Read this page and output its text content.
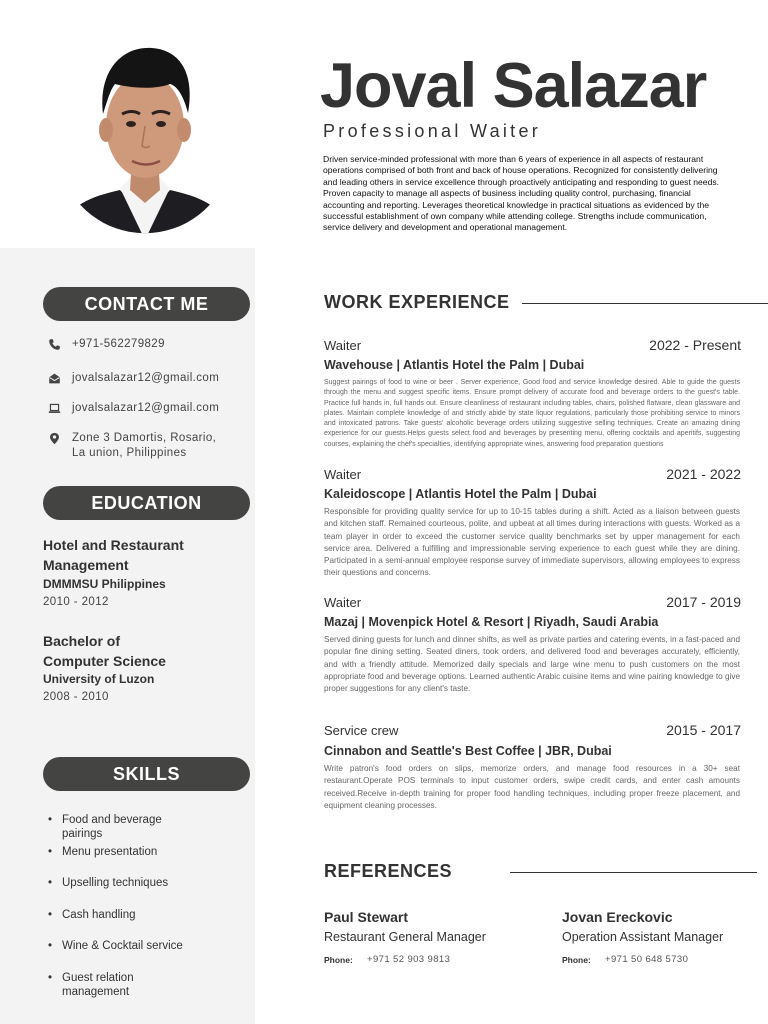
Joval Salazar
Professional Waiter
Driven service-minded professional with more than 6 years of experience in all aspects of restaurant operations comprised of both front and back of house operations. Recognized for consistently delivering and leading others in service excellence through proactively anticipating and responding to guest needs. Proven capacity to manage all aspects of business including quality control, purchasing, financial accounting and reporting. Leverages theoretical knowledge in practical situations as evidenced by the successful establishment of own company while attending college. Strengths include communication, service delivery and development and operational management.
CONTACT ME
+971-562279829
jovalsalazar12@gmail.com
jovalsalazar12@gmail.com
Zone 3 Damortis, Rosario,
La union, Philippines
EDUCATION
Hotel and Restaurant
Management
DMMMSU Philippines
2010 - 2012
Bachelor of
Computer Science
University of Luzon
2008 - 2010
SKILLS
• Food and beverage pairings
• Menu presentation
• Upselling techniques
• Cash handling
• Wine & Cocktail service
• Guest relation management
WORK EXPERIENCE
Waiter	2022 - Present
Wavehouse | Atlantis Hotel the Palm | Dubai
Suggest pairings of food to wine or beer . Server experience, Good food and service knowledge desired. Able to guide the guests through the menu and suggest specific items. Ensure prompt delivery of accurate food and beverage orders to the guest's table. Practice full hands in, full hands out. Ensure cleanliness of restaurant including tables, chairs, polished flatware, clean glassware and plates. Maintain complete knowledge of and strictly abide by state liquor regulations, particularly those prohibiting service to minors and intoxicated patrons. Take guests' alcoholic beverage orders utilizing suggestive selling techniques. Create an amazing dining experience for our guests.Helps guests select food and beverages by presenting menu, offering cocktails and aperitifs, suggesting courses, explaining the chef's specialties, identifying appropriate wines, answering food preparation questions
Waiter	2021 - 2022
Kaleidoscope | Atlantis Hotel the Palm | Dubai
Responsible for providing quality service for up to 10-15 tables during a shift. Acted as a liaison between guests and kitchen staff. Remained courteous, polite, and upbeat at all times during interactions with guests. Worked as a team player in order to exceed the customer service quality benchmarks set by upper management for each service area. Delivered a fulfilling and impressionable serving experience to each guest while they are dining. Participated in a semi-annual employee response survey of immediate supervisors, allowing employees to express their questions and concerns.
Waiter	2017 - 2019
Mazaj | Movenpick Hotel & Resort | Riyadh, Saudi Arabia
Served dining guests for lunch and dinner shifts, as well as private parties and catering events, in a fast-paced and popular fine dining setting. Seated diners, took orders, and delivered food and beverages accurately, efficiently, and with a friendly attitude. Memorized daily specials and large wine menu to push customers on the most appropriate food and beverage options. Learned authentic Arabic cuisine items and wine pairing knowledge to give proper suggestions for any client's taste.
Service crew	2015 - 2017
Cinnabon and Seattle's Best Coffee | JBR, Dubai
Write patron's food orders on slips, memorize orders, and manage food resources in a 30+ seat restaurant.Operate POS terminals to input customer orders, swipe credit cards, and enter cash amounts received.Receive in-depth training for proper food handling techniques, including proper freeze placement, and equipment cleaning processes.
REFERENCES
Paul Stewart
Restaurant General Manager
Phone: +971 52 903 9813
Jovan Ereckovic
Operation Assistant Manager
Phone: +971 50 648 5730
